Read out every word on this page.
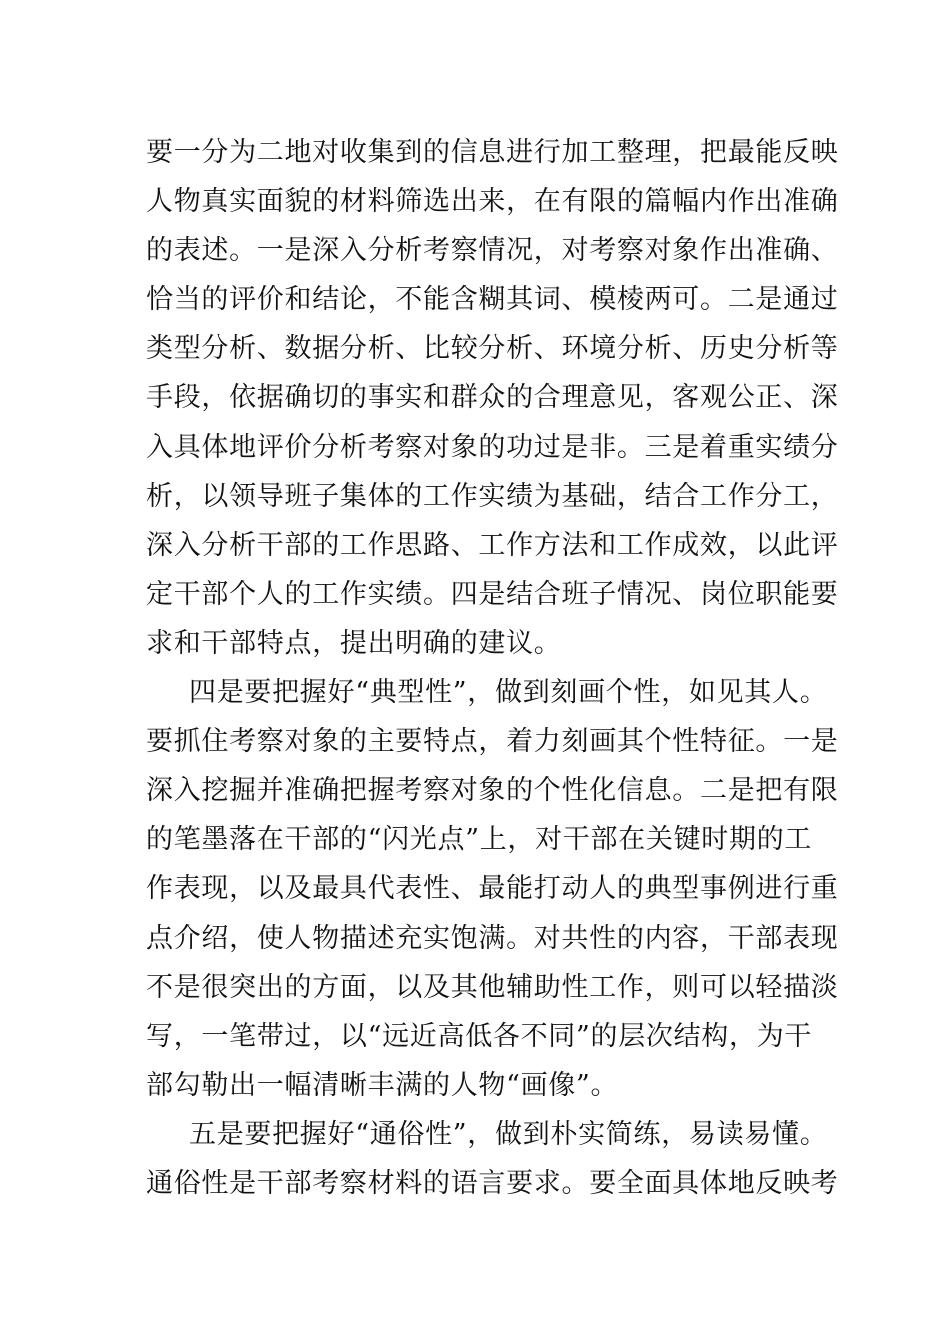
要一分为二地对收集到的信息进行加工整理，把最能反映
人物真实面貌的材料筛选出来，在有限的篇幅内作出准确
的表述。一是深入分析考察情况，对考察对象作出准确、
恰当的评价和结论，不能含糊其词、模棱两可。二是通过
类型分析、数据分析、比较分析、环境分析、历史分析等
手段，依据确切的事实和群众的合理意见，客观公正、深
入具体地评价分析考察对象的功过是非。三是着重实绩分
析，以领导班子集体的工作实绩为基础，结合工作分工，
深入分析干部的工作思路、工作方法和工作成效，以此评
定干部个人的工作实绩。四是结合班子情况、岗位职能要
求和干部特点，提出明确的建议。
四是要把握好“典型性”，做到刻画个性，如见其人。
要抓住考察对象的主要特点，着力刻画其个性特征。一是
深入挖掘并准确把握考察对象的个性化信息。二是把有限
的笔墨落在干部的“闪光点”上，对干部在关键时期的工
作表现，以及最具代表性、最能打动人的典型事例进行重
点介绍，使人物描述充实饱满。对共性的内容，干部表现
不是很突出的方面，以及其他辅助性工作，则可以轻描淡
写，一笔带过，以“远近高低各不同”的层次结构，为干
部勾勒出一幅清晰丰满的人物“画像”。
五是要把握好“通俗性”，做到朴实简练，易读易懂。
通俗性是干部考察材料的语言要求。要全面具体地反映考
